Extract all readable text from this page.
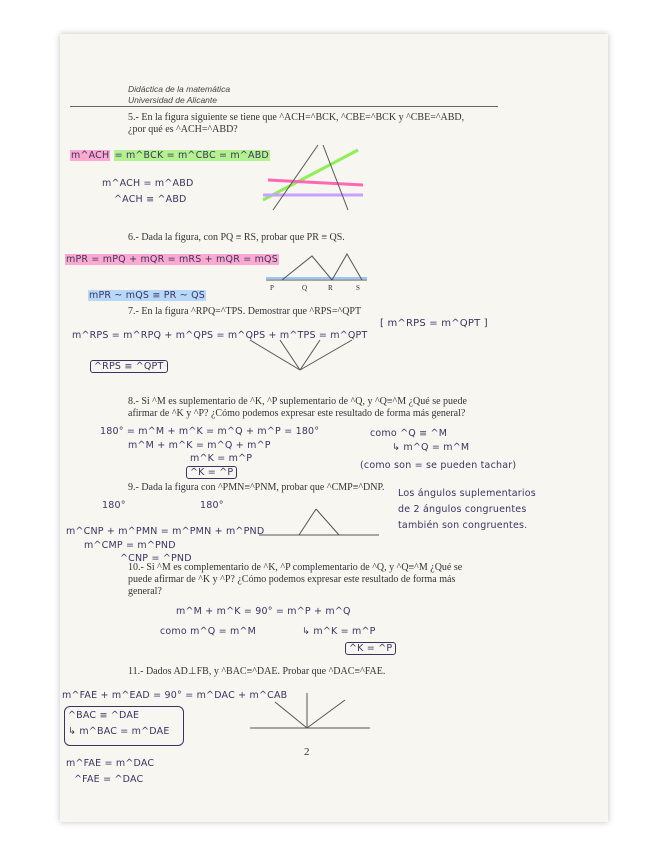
Didáctica de la matemática
Universidad de Alicante
5.- En la figura siguiente se tiene que ^ACH=^BCK, ^CBE=^BCK y ^CBE=^ABD,
¿por qué es ^ACH=^ABD?
m^ACH = m^BCK = m^CBC = m^ABD
m^ACH = m^ABD
^ACH ≡ ^ABD
6.- Dada la figura, con PQ ≡ RS, probar que PR ≡ QS.
mPR = mPQ + mQR = mRS + mQR = mQS
mPR ~ mQS ≡ PR ~ QS
P	Q	R	S
7.- En la figura ^RPQ=^TPS. Demostrar que ^RPS=^QPT
m^RPS = m^RPQ + m^QPS = m^QPS + m^TPS = m^QPT
^RPS ≡ ^QPT
[ m^RPS = m^QPT ]
8.- Si ^M es suplementario de ^K, ^P suplementario de ^Q, y ^Q≡^M ¿Qué se puede
afirmar de ^K y ^P? ¿Cómo podemos expresar este resultado de forma más general?
180° = m^M + m^K = m^Q + m^P = 180°
m^M + m^K = m^Q + m^P
m^K = m^P
^K = ^P
como ^Q ≡ ^M
↳ m^Q = m^M
(como son = se pueden tachar)
9.- Dada la figura con ^PMN≡^PNM, probar que ^CMP≡^DNP.
180°	180°
m^CNP + m^PMN = m^PMN + m^PND
m^CMP = m^PND
^CNP = ^PND
Los ángulos suplementarios
de 2 ángulos congruentes
también son congruentes.
10.- Si ^M es complementario de ^K, ^P complementario de ^Q, y ^Q≡^M ¿Qué se
puede afirmar de ^K y ^P? ¿Cómo podemos expresar este resultado de forma más
general?
m^M + m^K = 90° = m^P + m^Q
como m^Q = m^M	↳ m^K = m^P
^K = ^P
11.- Dados AD⊥FB, y ^BAC≡^DAE. Probar que ^DAC≡^FAE.
m^FAE + m^EAD = 90° = m^DAC + m^CAB
^BAC ≡ ^DAE
↳ m^BAC = m^DAE
m^FAE = m^DAC
^FAE = ^DAC
2
